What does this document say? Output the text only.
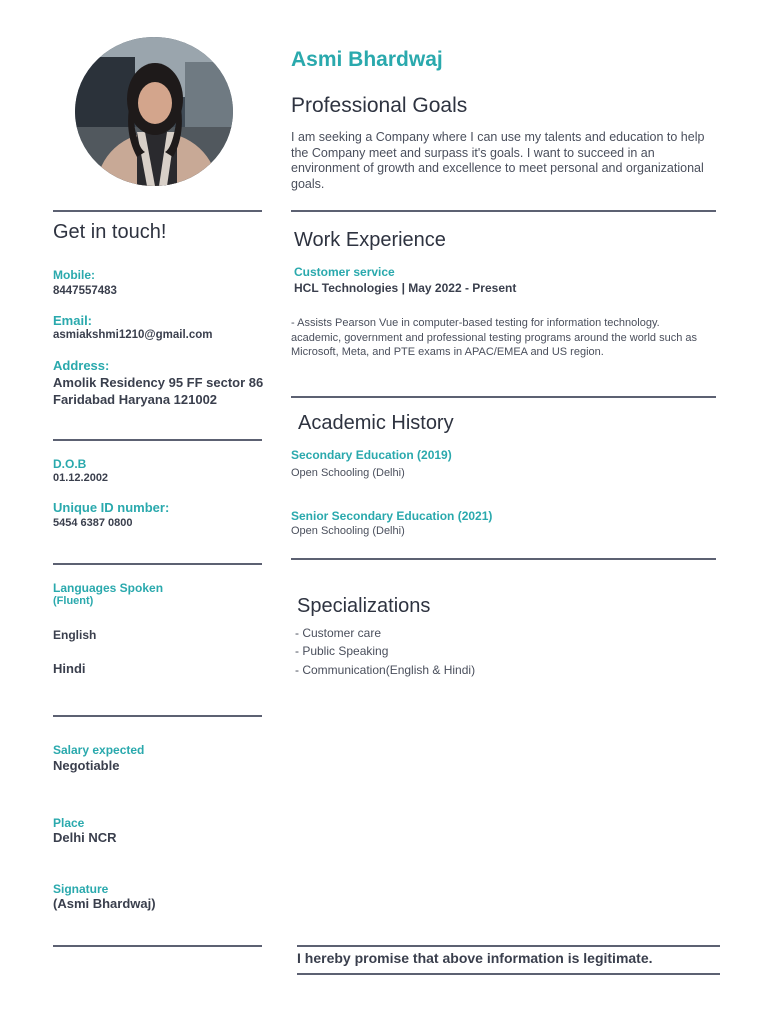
Asmi Bhardwaj
Professional Goals
I am seeking a Company where I can use my talents and education to help the Company meet and surpass it's goals. I want to succeed in an environment of growth and excellence to meet personal and organizational goals.
Get in touch!
Mobile:
8447557483
Email:
asmiakshmi1210@gmail.com
Address:
Amolik Residency 95 FF sector 86
Faridabad Haryana 121002
D.O.B
01.12.2002
Unique ID number:
5454 6387 0800
Languages Spoken
(Fluent)
English
Hindi
Salary expected
Negotiable
Place
Delhi NCR
Signature
(Asmi Bhardwaj)
Work Experience
Customer service
HCL Technologies | May 2022 - Present
- Assists Pearson Vue in computer-based testing for information technology. academic, government and professional testing programs around the world such as Microsoft, Meta, and PTE exams in APAC/EMEA and US region.
Academic History
Secondary Education (2019)
Open Schooling (Delhi)
Senior Secondary Education (2021)
Open Schooling (Delhi)
Specializations
- Customer care
- Public Speaking
- Communication(English & Hindi)
I hereby promise that above information is legitimate.
